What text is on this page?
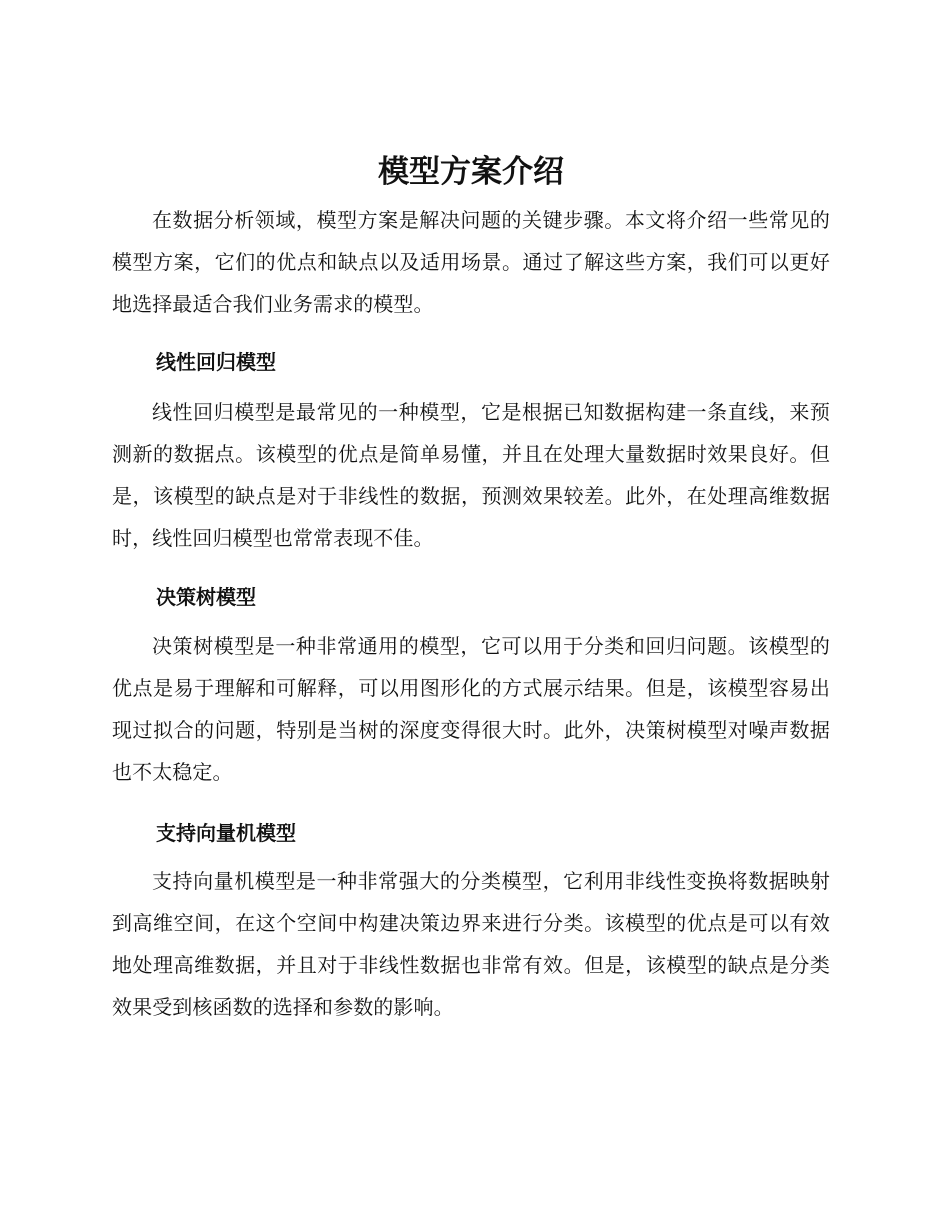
模型方案介绍

在数据分析领域，模型方案是解决问题的关键步骤。本文将介绍一些常见的模型方案，它们的优点和缺点以及适用场景。通过了解这些方案，我们可以更好地选择最适合我们业务需求的模型。

线性回归模型

线性回归模型是最常见的一种模型，它是根据已知数据构建一条直线，来预测新的数据点。该模型的优点是简单易懂，并且在处理大量数据时效果良好。但是，该模型的缺点是对于非线性的数据，预测效果较差。此外，在处理高维数据时，线性回归模型也常常表现不佳。

决策树模型

决策树模型是一种非常通用的模型，它可以用于分类和回归问题。该模型的优点是易于理解和可解释，可以用图形化的方式展示结果。但是，该模型容易出现过拟合的问题，特别是当树的深度变得很大时。此外，决策树模型对噪声数据也不太稳定。

支持向量机模型

支持向量机模型是一种非常强大的分类模型，它利用非线性变换将数据映射到高维空间，在这个空间中构建决策边界来进行分类。该模型的优点是可以有效地处理高维数据，并且对于非线性数据也非常有效。但是，该模型的缺点是分类效果受到核函数的选择和参数的影响。
